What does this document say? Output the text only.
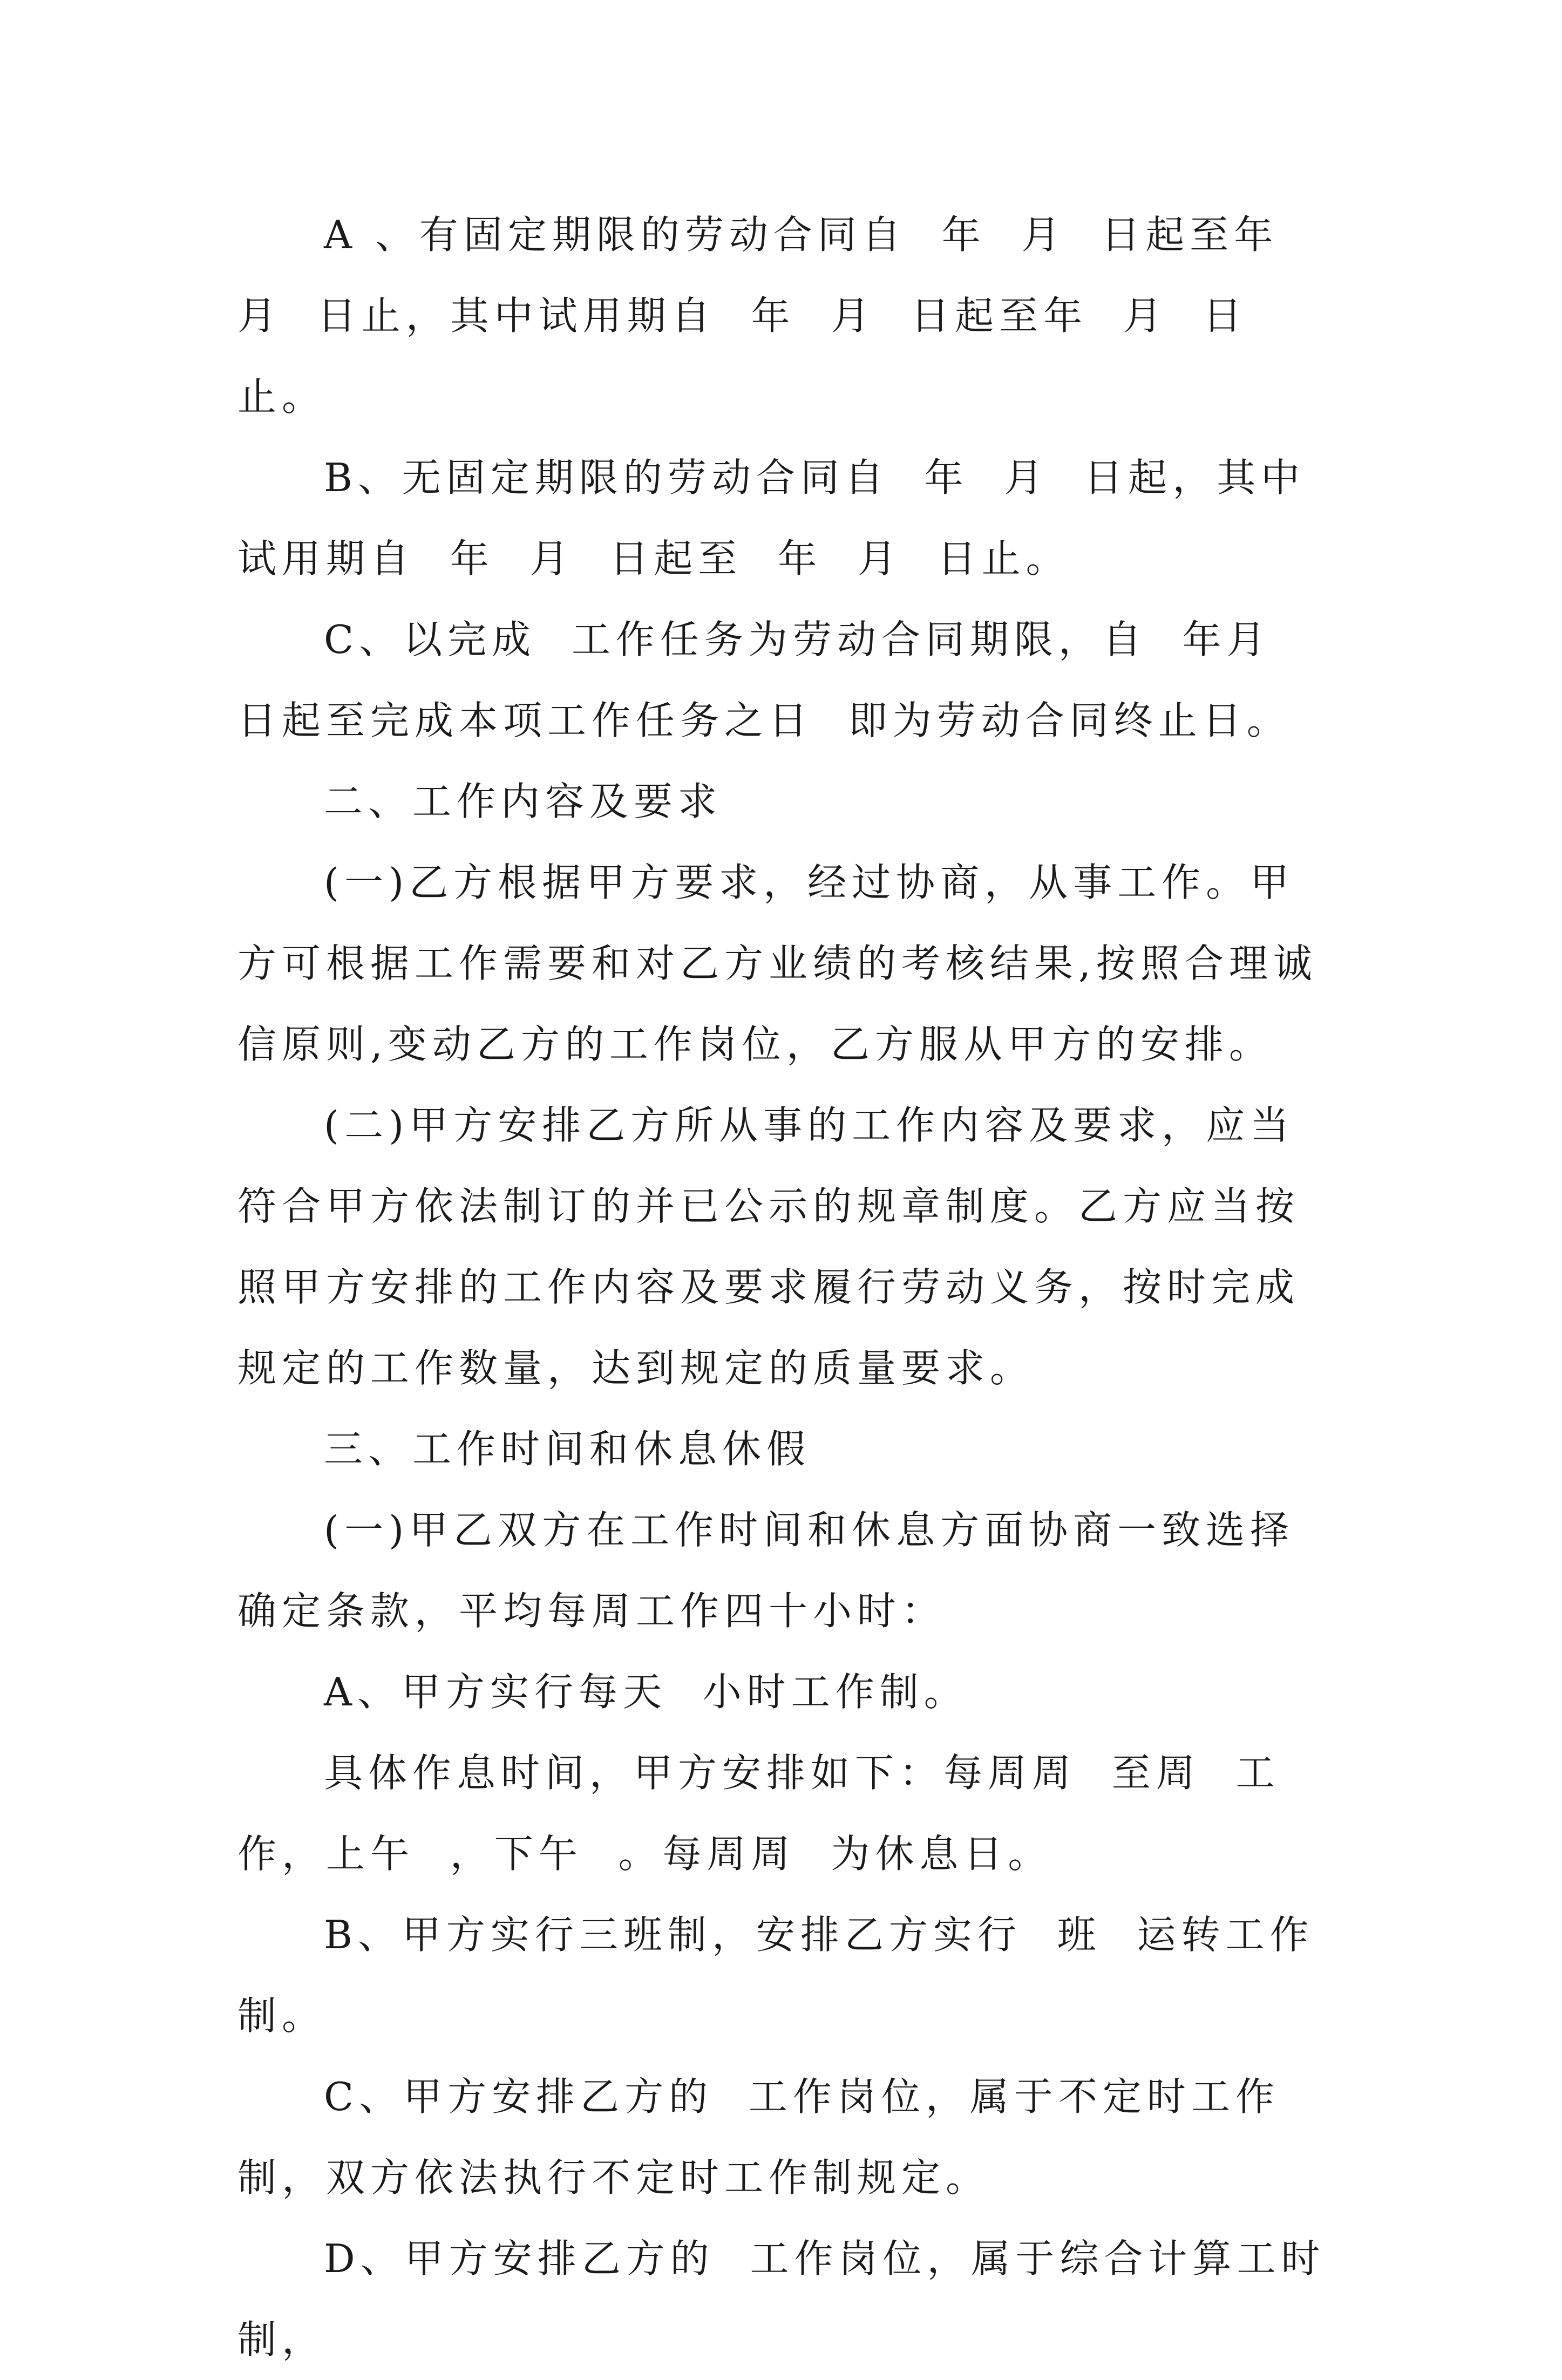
A 、有固定期限的劳动合同自  年  月  日起至年  月  日止，其中试用期自  年  月  日起至年  月  日止。

B、无固定期限的劳动合同自  年  月  日起，其中  试用期自  年  月  日起至  年  月  日止。

C、以完成  工作任务为劳动合同期限，自  年月  日起至完成本项工作任务之日  即为劳动合同终止日。

二、工作内容及要求

(一)乙方根据甲方要求，经过协商，从事工作。甲方可根据工作需要和对乙方业绩的考核结果,按照合理诚信原则,变动乙方的工作岗位，乙方服从甲方的安排。

(二)甲方安排乙方所从事的工作内容及要求，应当符合甲方依法制订的并已公示的规章制度。乙方应当按照甲方安排的工作内容及要求履行劳动义务，按时完成规定的工作数量，达到规定的质量要求。

三、工作时间和休息休假

(一)甲乙双方在工作时间和休息方面协商一致选择确定条款，平均每周工作四十小时：

A、甲方实行每天  小时工作制。

具体作息时间，甲方安排如下：每周周  至周  工作，上午  ，下午  。每周周  为休息日。

B、甲方实行三班制，安排乙方实行  班  运转工作制。

C、甲方安排乙方的  工作岗位，属于不定时工作制，双方依法执行不定时工作制规定。

D、甲方安排乙方的  工作岗位，属于综合计算工时制，
